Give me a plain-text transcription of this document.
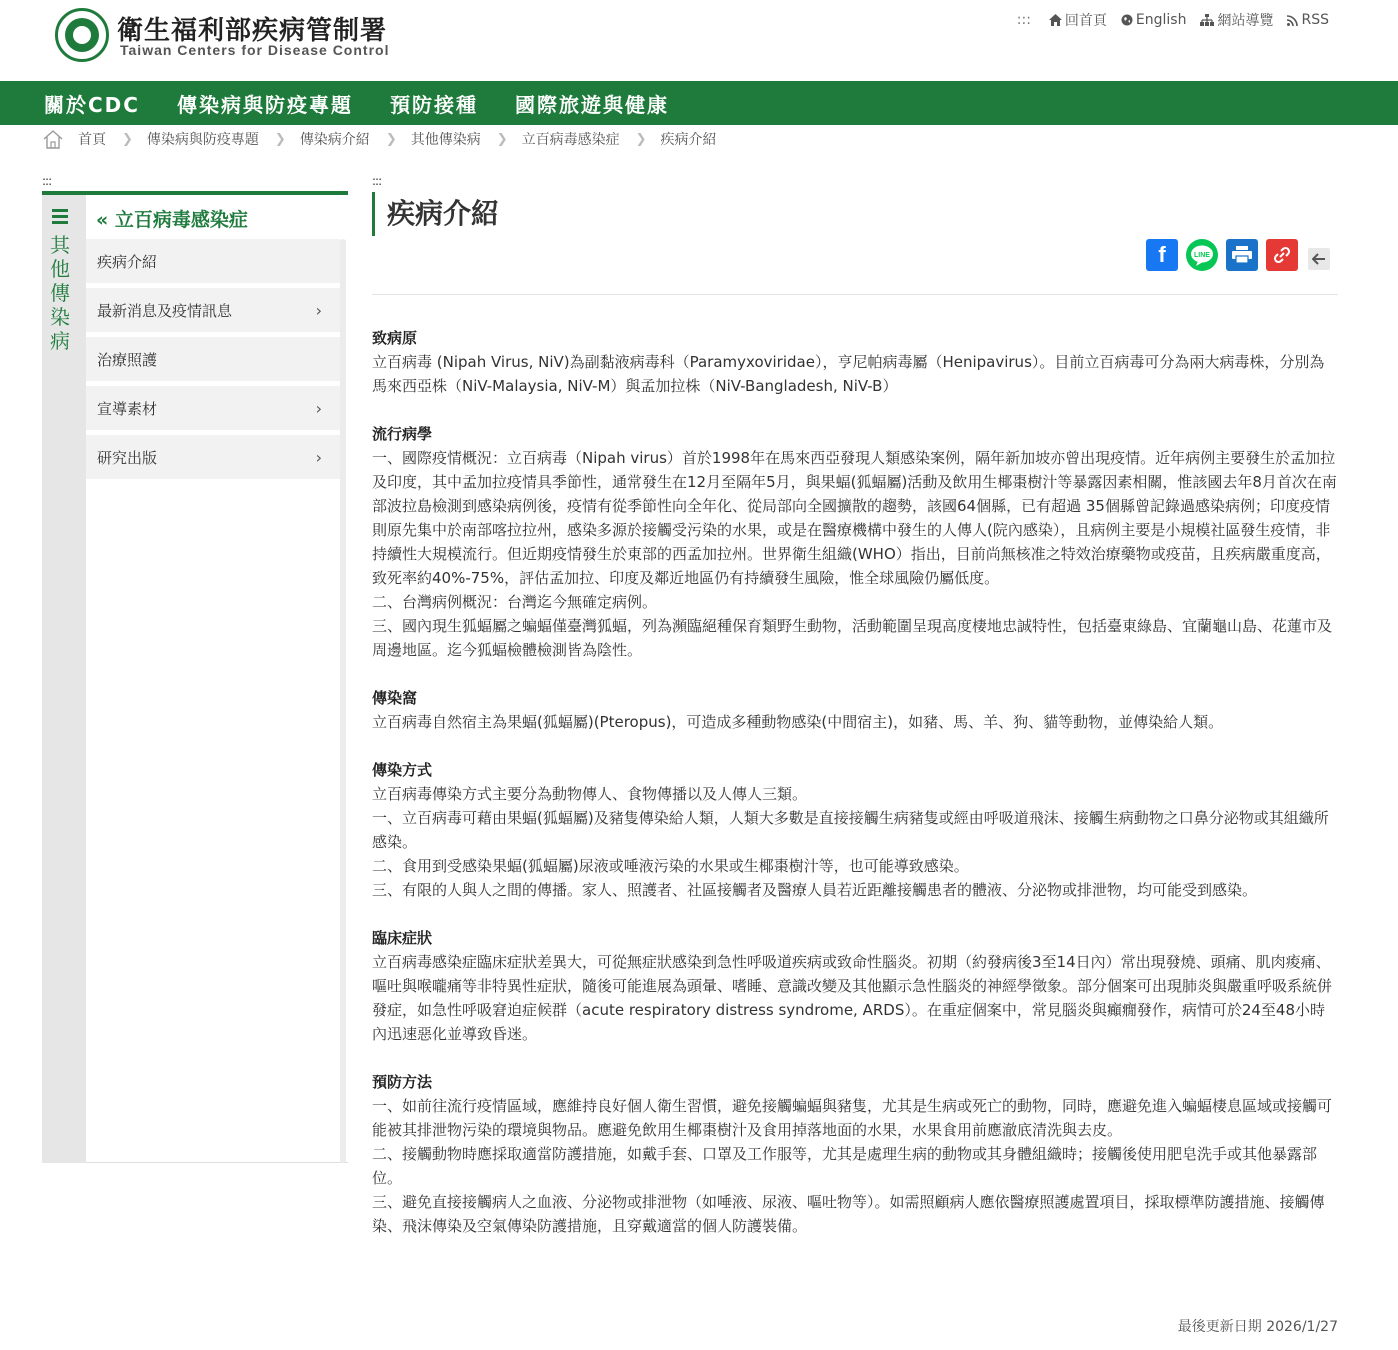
衛生福利部疾病管制署
Taiwan Centers for Disease Control
::: 回首頁 English 網站導覽 RSS
關於CDC 傳染病與防疫專題 預防接種 國際旅遊與健康
首頁 ❯ 傳染病與防疫專題 ❯ 傳染病介紹 ❯ 其他傳染病 ❯ 立百病毒感染症 ❯ 疾病介紹
:::
其他傳染病
« 立百病毒感染症
疾病介紹
最新消息及疫情訊息	›
治療照護
宣導素材	›
研究出版	›
:::
疾病介紹
f	LINE

致病原

立百病毒 (Nipah Virus, NiV)為副黏液病毒科（Paramyxoviridae），亨尼帕病毒屬（Henipavirus）。目前立百病毒可分為兩大病毒株，分別為馬來西亞株（NiV-Malaysia, NiV-M）與孟加拉株（NiV-Bangladesh, NiV-B）

流行病學

一、國際疫情概況：立百病毒（Nipah virus）首於1998年在馬來西亞發現人類感染案例，隔年新加坡亦曾出現疫情。近年病例主要發生於孟加拉及印度，其中孟加拉疫情具季節性，通常發生在12月至隔年5月，與果蝠(狐蝠屬)活動及飲用生椰棗樹汁等暴露因素相關，惟該國去年8月首次在南部波拉島檢測到感染病例後，疫情有從季節性向全年化、從局部向全國擴散的趨勢，該國64個縣，已有超過 35個縣曾記錄過感染病例；印度疫情則原先集中於南部喀拉拉州，感染多源於接觸受污染的水果，或是在醫療機構中發生的人傳人(院內感染），且病例主要是小規模社區發生疫情，非持續性大規模流行。但近期疫情發生於東部的西孟加拉州。世界衛生組織(WHO）指出，目前尚無核准之特效治療藥物或疫苗，且疾病嚴重度高，致死率約40%-75%，評估孟加拉、印度及鄰近地區仍有持續發生風險，惟全球風險仍屬低度。

二、台灣病例概況：台灣迄今無確定病例。

三、國內現生狐蝠屬之蝙蝠僅臺灣狐蝠，列為瀕臨絕種保育類野生動物，活動範圍呈現高度棲地忠誠特性，包括臺東綠島、宜蘭龜山島、花蓮市及周邊地區。迄今狐蝠檢體檢測皆為陰性。

傳染窩

立百病毒自然宿主為果蝠(狐蝠屬)(Pteropus)，可造成多種動物感染(中間宿主)，如豬、馬、羊、狗、貓等動物，並傳染給人類。

傳染方式

立百病毒傳染方式主要分為動物傳人、食物傳播以及人傳人三類。

一、立百病毒可藉由果蝠(狐蝠屬)及豬隻傳染給人類，人類大多數是直接接觸生病豬隻或經由呼吸道飛沫、接觸生病動物之口鼻分泌物或其組織所感染。

二、食用到受感染果蝠(狐蝠屬)尿液或唾液污染的水果或生椰棗樹汁等，也可能導致感染。

三、有限的人與人之間的傳播。家人、照護者、社區接觸者及醫療人員若近距離接觸患者的體液、分泌物或排泄物，均可能受到感染。

臨床症狀

立百病毒感染症臨床症狀差異大，可從無症狀感染到急性呼吸道疾病或致命性腦炎。初期（約發病後3至14日內）常出現發燒、頭痛、肌肉痠痛、嘔吐與喉嚨痛等非特異性症狀，隨後可能進展為頭暈、嗜睡、意識改變及其他顯示急性腦炎的神經學徵象。部分個案可出現肺炎與嚴重呼吸系統併發症，如急性呼吸窘迫症候群（acute respiratory distress syndrome, ARDS）。在重症個案中，常見腦炎與癲癇發作，病情可於24至48小時內迅速惡化並導致昏迷。

預防方法

一、如前往流行疫情區域，應維持良好個人衛生習慣，避免接觸蝙蝠與豬隻，尤其是生病或死亡的動物，同時，應避免進入蝙蝠棲息區域或接觸可能被其排泄物污染的環境與物品。應避免飲用生椰棗樹汁及食用掉落地面的水果，水果食用前應澈底清洗與去皮。

二、接觸動物時應採取適當防護措施，如戴手套、口罩及工作服等，尤其是處理生病的動物或其身體組織時；接觸後使用肥皂洗手或其他暴露部位。

三、避免直接接觸病人之血液、分泌物或排泄物（如唾液、尿液、嘔吐物等）。如需照顧病人應依醫療照護處置項目，採取標準防護措施、接觸傳染、飛沫傳染及空氣傳染防護措施，且穿戴適當的個人防護裝備。

最後更新日期 2026/1/27
